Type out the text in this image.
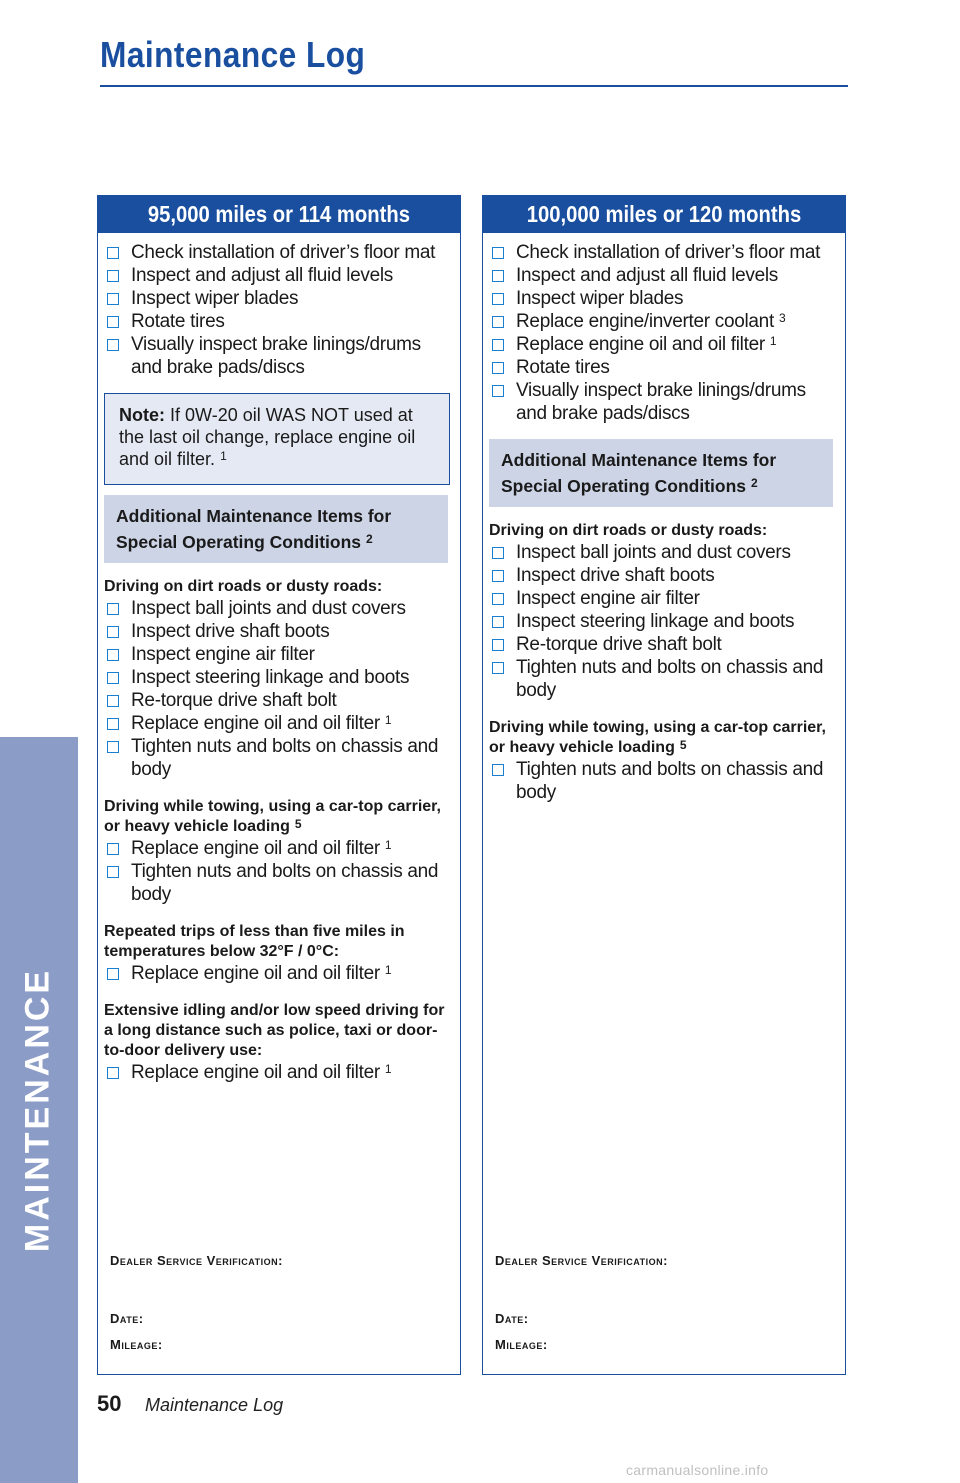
Maintenance Log
MAINTENANCE
95,000 miles or 114 months
Check installation of driver’s floor mat
Inspect and adjust all fluid levels
Inspect wiper blades
Rotate tires
Visually inspect brake linings/drums and brake pads/discs
Note: If 0W-20 oil WAS NOT used at the last oil change, replace engine oil and oil filter. $^1$
Additional Maintenance Items for Special Operating Conditions $^2$
Driving on dirt roads or dusty roads:
Inspect ball joints and dust covers
Inspect drive shaft boots
Inspect engine air filter
Inspect steering linkage and boots
Re-torque drive shaft bolt
Replace engine oil and oil filter $^1$
Tighten nuts and bolts on chassis and body
Driving while towing, using a car-top carrier, or heavy vehicle loading $^5$
Replace engine oil and oil filter $^1$
Tighten nuts and bolts on chassis and body
Repeated trips of less than five miles in temperatures below 32°F / 0°C:
Replace engine oil and oil filter $^1$
Extensive idling and/or low speed driving for a long distance such as police, taxi or door-to-door delivery use:
Replace engine oil and oil filter $^1$
Dealer Service Verification:
Date:
Mileage:
100,000 miles or 120 months
Check installation of driver’s floor mat
Inspect and adjust all fluid levels
Inspect wiper blades
Replace engine/inverter coolant $^3$
Replace engine oil and oil filter $^1$
Rotate tires
Visually inspect brake linings/drums and brake pads/discs
Additional Maintenance Items for Special Operating Conditions $^2$
Driving on dirt roads or dusty roads:
Inspect ball joints and dust covers
Inspect drive shaft boots
Inspect engine air filter
Inspect steering linkage and boots
Re-torque drive shaft bolt
Tighten nuts and bolts on chassis and body
Driving while towing, using a car-top carrier, or heavy vehicle loading $^5$
Tighten nuts and bolts on chassis and body
Dealer Service Verification:
Date:
Mileage:
50 Maintenance Log
carmanualsonline.info
